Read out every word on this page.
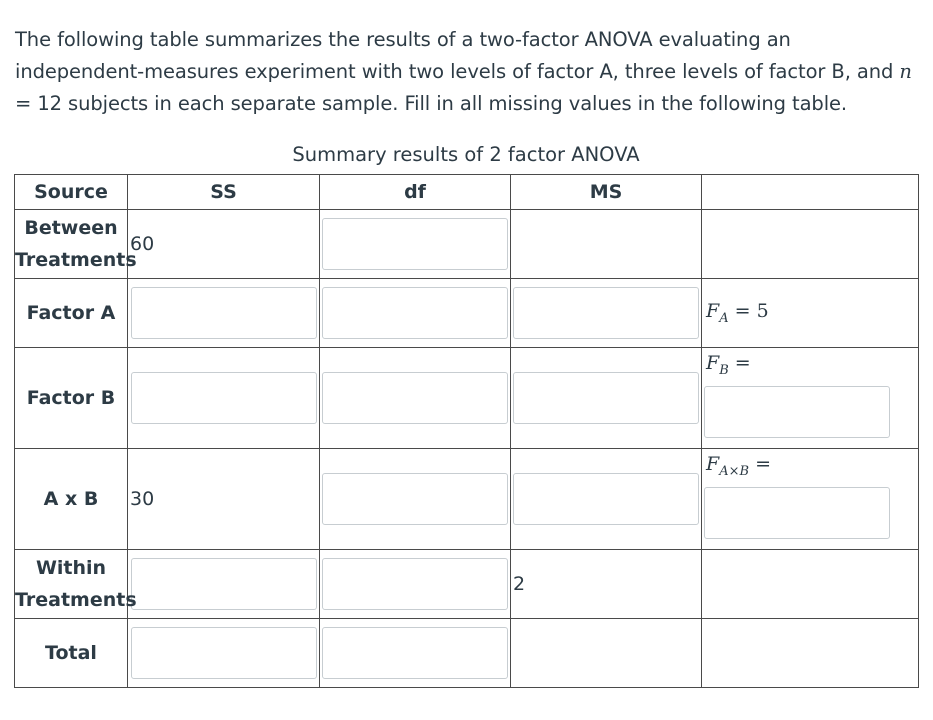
The following table summarizes the results of a two-factor ANOVA evaluating an independent-measures experiment with two levels of factor A, three levels of factor B, and n = 12 subjects in each separate sample. Fill in all missing values in the following table.
Summary results of 2 factor ANOVA
Source	SS	df	MS	
Between
Treatments	60	

Factor A				$F_A = 5$

Factor B				$F_B$ =

A x B	30			$F_{A\times B}$ =

Within
Treatments			2	
Total	
